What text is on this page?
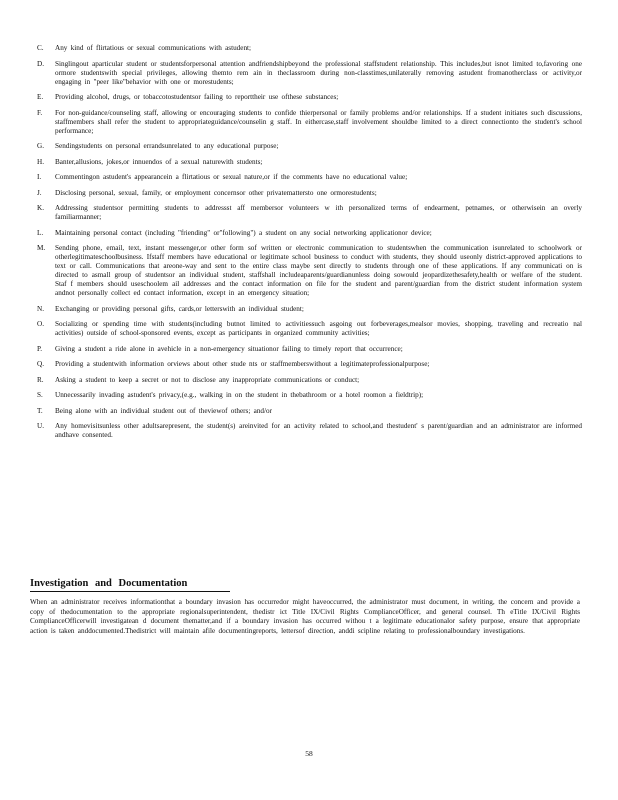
C.	Any kind of flirtatious or sexual communications with astudent;
D.	Singlingout aparticular student or studentsforpersonal attention andfriendshipbeyond the professional staffstudent relationship. This includes,but isnot limited to,favoring one ormore studentswith special privileges, allowing themto rem ain in theclassroom during non-classtimes,unilaterally removing astudent fromanotherclass or activity,or engaging in "peer like"behavior with one or morestudents;
E.	Providing alcohol, drugs, or tobaccotostudentsor failing to reporttheir use ofthese substances;
F.	For non-guidance/counseling staff, allowing or encouraging students to confide thierpersonal or family problems and/or relationships. If a student initiates such discussions, staffmembers shall refer the student to appropriateguidance/counselin g staff. In eithercase,staff involvement shouldbe limited to a direct connectionto the student's school performance;
G.	Sendingstudents on personal errandsunrelated to any educational purpose;
H.	Banter,allusions, jokes,or innuendos of a sexual naturewith students;
I.	Commentingon astudent's appearancein a flirtatious or sexual nature,or if the comments have no educational value;
J.	Disclosing personal, sexual, family, or employment concernsor other privatemattersto one ormorestudents;
K.	Addressing studentsor permitting students to addressst aff membersor volunteers w ith personalized terms of endearment, petnames, or otherwisein an overly familiarmanner;
L.	Maintaining personal contact (including "friending" or"following") a student on any social networking applicationor device;
M.	Sending phone, email, text, instant messenger,or other form sof written or electronic communication to studentswhen the communication isunrelated to schoolwork or otherlegitimateschoolbusiness. Ifstaff members have educational or legitimate school business to conduct with students, they should useonly district-approved applications to text or call. Communications that areone-way and sent to the entire class maybe sent directly to students through one of these applications. If any communicati on is directed to asmall group of studentsor an individual student, staffshall includeaparents/guardianunless doing sowould jeopardizethesafety,health or welfare of the student. Staf f members should useschoolem ail addresses and the contact information on file for the student and parent/guardian from the district student information system andnot personally collect ed contact information, except in an emergency situation;
N.	Exchanging or providing personal gifts, cards,or letterswith an individual student;
O.	Socializing or spending time with students(including butnot limited to activitiessuch asgoing out forbeverages,mealsor movies, shopping, traveling and recreatio nal activities) outside of school-sponsored events, except as participants in organized community activities;
P.	Giving a student a ride alone in avehicle in a non-emergency situationor failing to timely report that occurrence;
Q.	Providing a studentwith information orviews about other stude nts or staffmemberswithout a legitimateprofessionalpurpose;
R.	Asking a student to keep a secret or not to disclose any inappropriate communications or conduct;
S.	Unnecessarily invading astudent's privacy,(e.g., walking in on the student in thebathroom or a hotel roomon a fieldtrip);
T.	Being alone with an individual student out of theviewof others; and/or
U.	Any homevisitsunless other adultsarepresent, the student(s) areinvited for an activity related to school,and thestudent' s parent/guardian and an administrator are informed andhave consented.
Investigation and Documentation

When an administrator receives informationthat a boundary invasion has occurredor might haveoccurred, the administrator must document, in writing, the concern and provide a copy of thedocumentation to the appropriate regionalsuperintendent, thedistr ict Title IX/Civil Rights ComplianceOfficer, and general counsel. Th eTitle IX/Civil Rights ComplianceOfficerwill investigatean d document thematter,and if a boundary invasion has occurred withou t a legitimate educationalor safety purpose, ensure that appropriate action is taken anddocumented.Thedistrict will maintain afile documentingreports, lettersof direction, anddi scipline relating to professionalboundary investigations.

58
